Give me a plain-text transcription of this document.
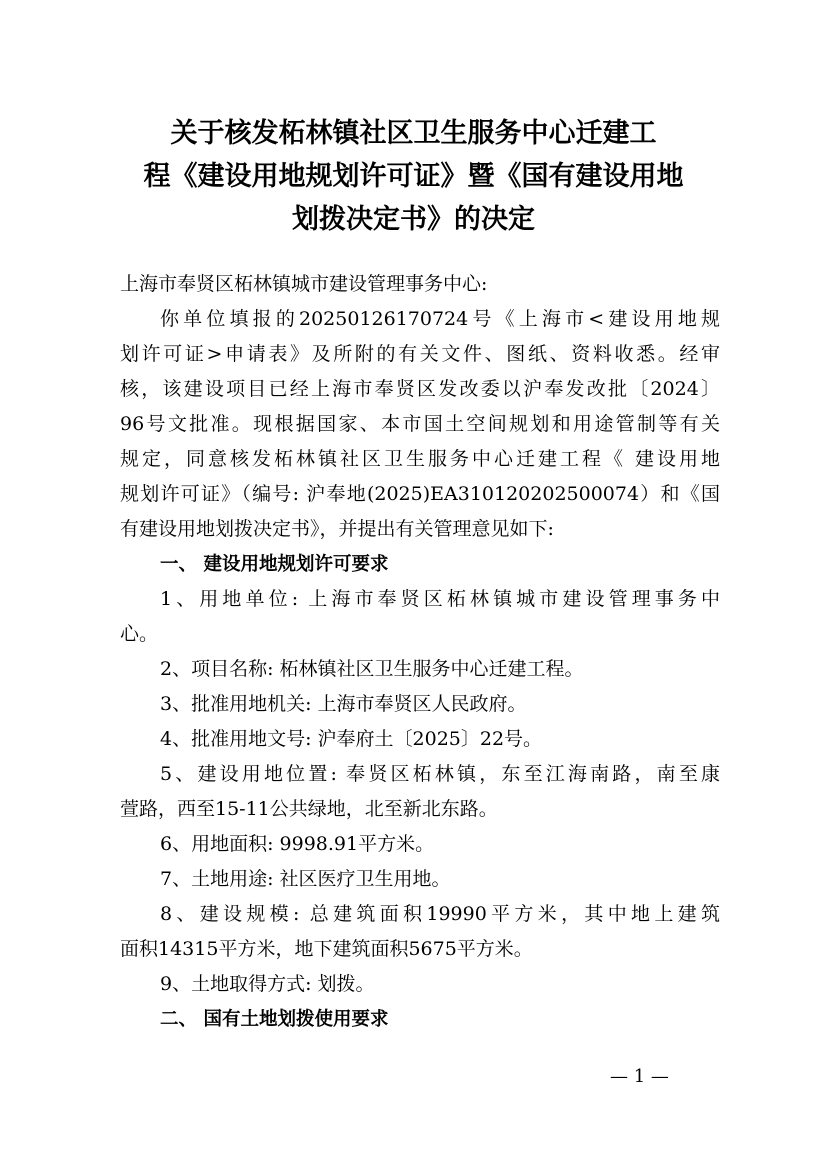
关于核发柘林镇社区卫生服务中心迁建工
程《建设用地规划许可证》暨《国有建设用地
划拨决定书》的决定
上海市奉贤区柘林镇城市建设管理事务中心:
你单位填报的20250126170724号《上海市<建设用地规
划许可证>申请表》及所附的有关文件、图纸、资料收悉。经审
核，该建设项目已经上海市奉贤区发改委以沪奉发改批〔2024〕
96号文批准。现根据国家、本市国土空间规划和用途管制等有关
规定，同意核发柘林镇社区卫生服务中心迁建工程《 建设用地
规划许可证》（编号: 沪奉地(2025)EA310120202500074）和《国
有建设用地划拨决定书》，并提出有关管理意见如下:
一、 建设用地规划许可要求
1、用地单位: 上海市奉贤区柘林镇城市建设管理事务中
心。
2、项目名称: 柘林镇社区卫生服务中心迁建工程。
3、批准用地机关: 上海市奉贤区人民政府。
4、批准用地文号: 沪奉府土〔2025〕22号。
5、建设用地位置: 奉贤区柘林镇，东至江海南路，南至康
萱路，西至15-11公共绿地，北至新北东路。
6、用地面积: 9998.91平方米。
7、土地用途: 社区医疗卫生用地。
8、建设规模: 总建筑面积19990平方米，其中地上建筑
面积14315平方米，地下建筑面积5675平方米。
9、土地取得方式: 划拨。
二、 国有土地划拨使用要求
— 1 —
